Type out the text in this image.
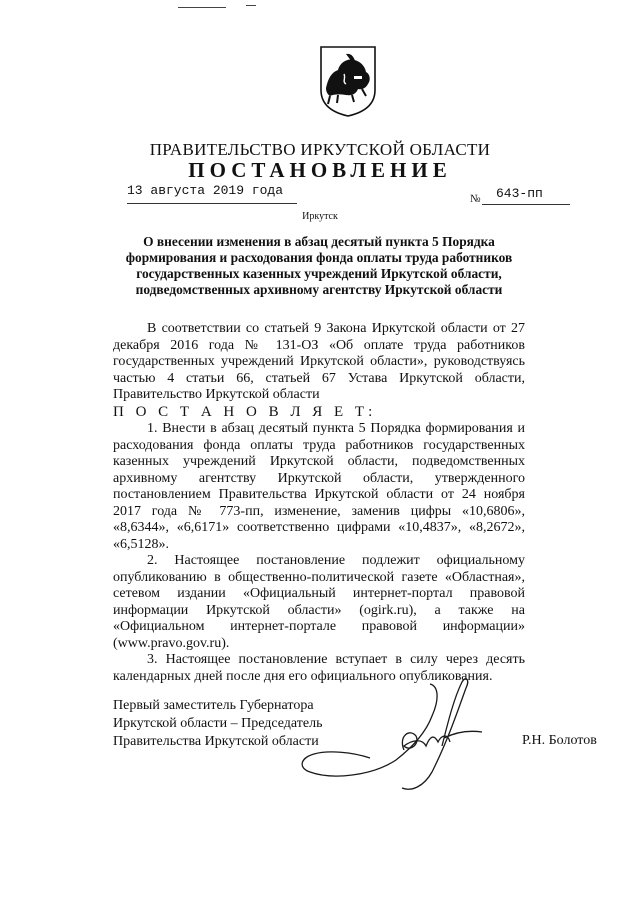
ПРАВИТЕЛЬСТВО ИРКУТСКОЙ ОБЛАСТИ
ПОСТАНОВЛЕНИЕ
13 августа 2019 года
№ 643-пп
Иркутск
О внесении изменения в абзац десятый пункта 5 Порядка формирования и расходования фонда оплаты труда работников государственных казенных учреждений Иркутской области, подведомственных архивному агентству Иркутской области

В соответствии со статьей 9 Закона Иркутской области от 27 декабря 2016 года № 131-ОЗ «Об оплате труда работников государственных учреждений Иркутской области», руководствуясь частью 4 статьи 66, статьей 67 Устава Иркутской области, Правительство Иркутской области

П О С Т А Н О В Л Я Е Т:

1. Внести в абзац десятый пункта 5 Порядка формирования и расходования фонда оплаты труда работников государственных казенных учреждений Иркутской области, подведомственных архивному агентству Иркутской области, утвержденного постановлением Правительства Иркутской области от 24 ноября 2017 года № 773-пп, изменение, заменив цифры «10,6806», «8,6344», «6,6171» соответственно цифрами «10,4837», «8,2672», «6,5128».

2. Настоящее постановление подлежит официальному опубликованию в общественно-политической газете «Областная», сетевом издании «Официальный интернет-портал правовой информации Иркутской области» (ogirk.ru), а также на «Официальном интернет-портале правовой информации» (www.pravo.gov.ru).

3. Настоящее постановление вступает в силу через десять календарных дней после дня его официального опубликования.

Первый заместитель Губернатора
Иркутской области – Председатель
Правительства Иркутской области	Р.Н. Болотов
